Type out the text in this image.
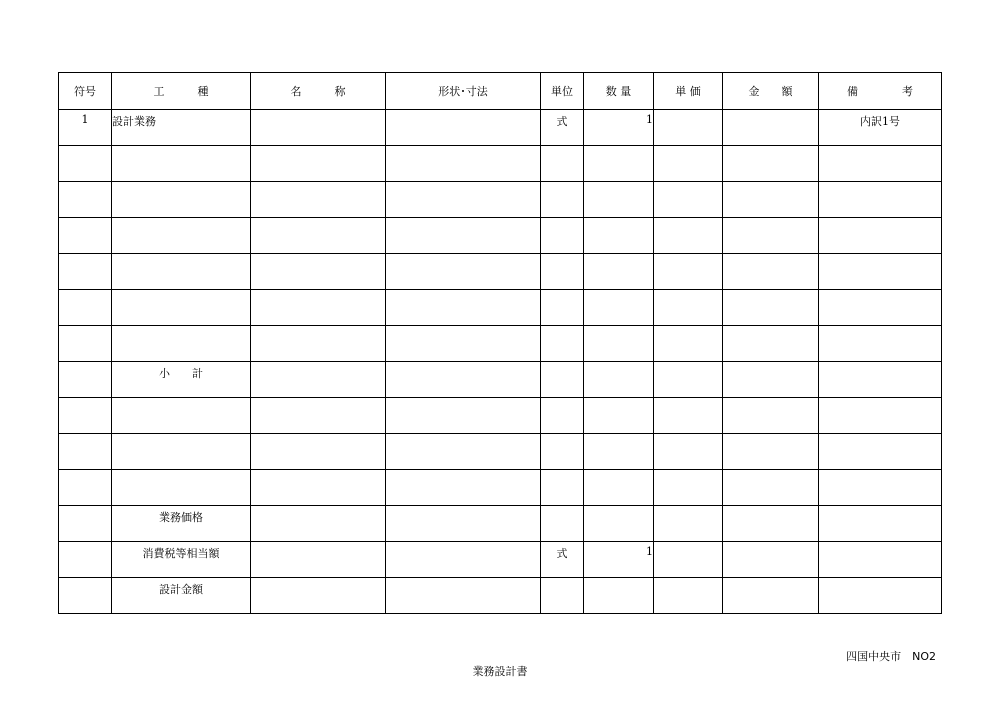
符号	工　　　種	名　　　称	形状･寸法	単位	数 量	単 価	金　　額	備　　　　考
1	設計業務			式	1			内訳1号

	小　　計							

	業務価格							
	消費税等相当額			式	1			
	設計金額							
四国中央市　NO2
業務設計書
